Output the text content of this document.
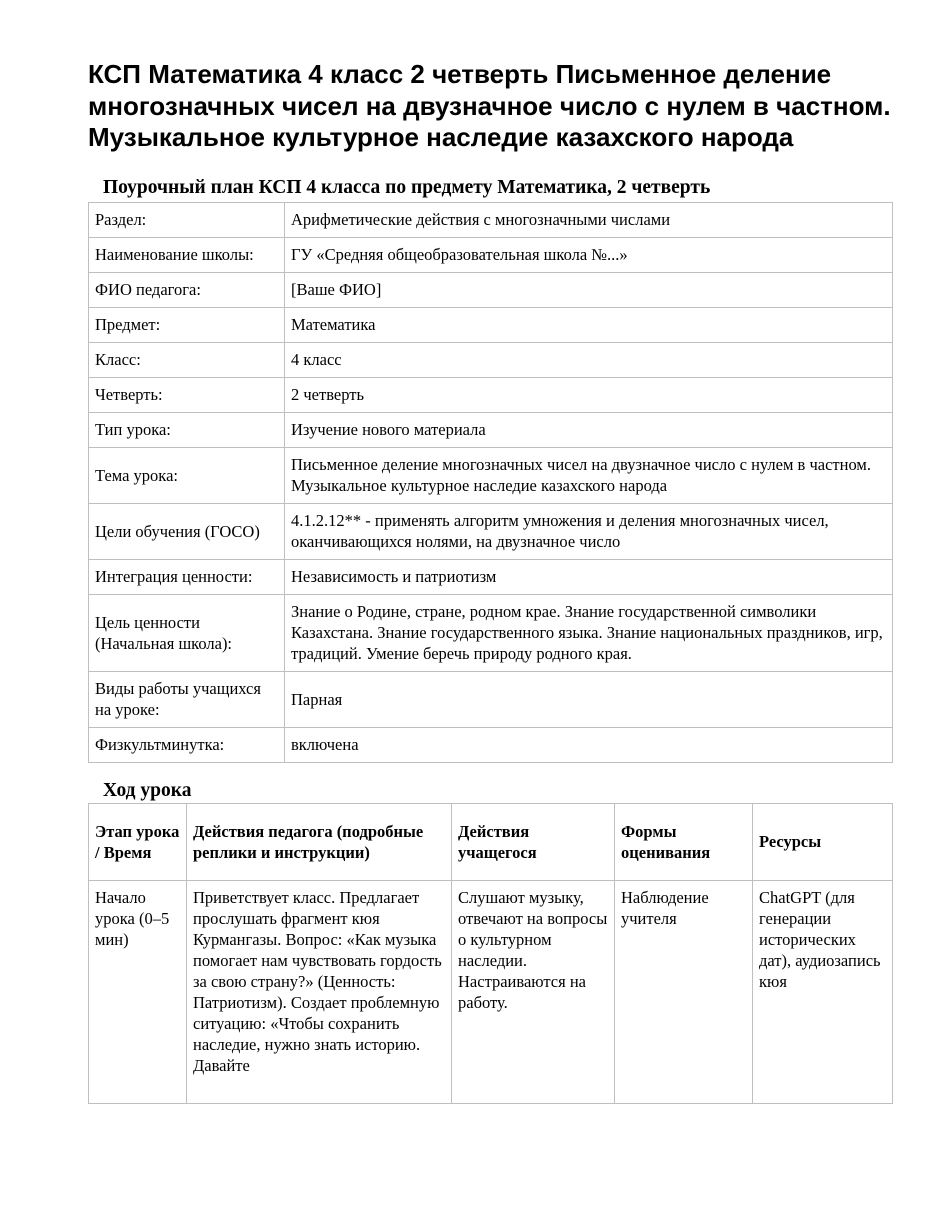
КСП Математика 4 класс 2 четверть Письменное деление многозначных чисел на двузначное число с нулем в частном. Музыкальное культурное наследие казахского народа
Поурочный план КСП 4 класса по предмету Математика, 2 четверть
Раздел:	Арифметические действия с многозначными числами
Наименование школы:	ГУ «Средняя общеобразовательная школа №...»
ФИО педагога:	[Ваше ФИО]
Предмет:	Математика
Класс:	4 класс
Четверть:	2 четверть
Тип урока:	Изучение нового материала
Тема урока:	Письменное деление многозначных чисел на двузначное число с нулем в частном. Музыкальное культурное наследие казахского народа
Цели обучения (ГОСО)	4.1.2.12** - применять алгоритм умножения и деления многозначных чисел, оканчивающихся нолями, на двузначное число
Интеграция ценности:	Независимость и патриотизм
Цель ценности (Начальная школа):	Знание о Родине, стране, родном крае. Знание государственной символики Казахстана. Знание государственного языка. Знание национальных праздников, игр, традиций. Умение беречь природу родного края.
Виды работы учащихся на уроке:	Парная
Физкультминутка:	включена
Ход урока
Этап урока / Время	Действия педагога (подробные реплики и инструкции)	Действия учащегося	Формы оценивания	Ресурсы
Начало урока (0–5 мин)	Приветствует класс. Предлагает прослушать фрагмент кюя Курмангазы. Вопрос: «Как музыка помогает нам чувствовать гордость за свою страну?» (Ценность: Патриотизм). Создает проблемную ситуацию: «Чтобы сохранить наследие, нужно знать историю. Давайте	Слушают музыку, отвечают на вопросы о культурном наследии. Настраиваются на работу.	Наблюдение учителя	ChatGPT (для генерации исторических дат), аудиозапись кюя
